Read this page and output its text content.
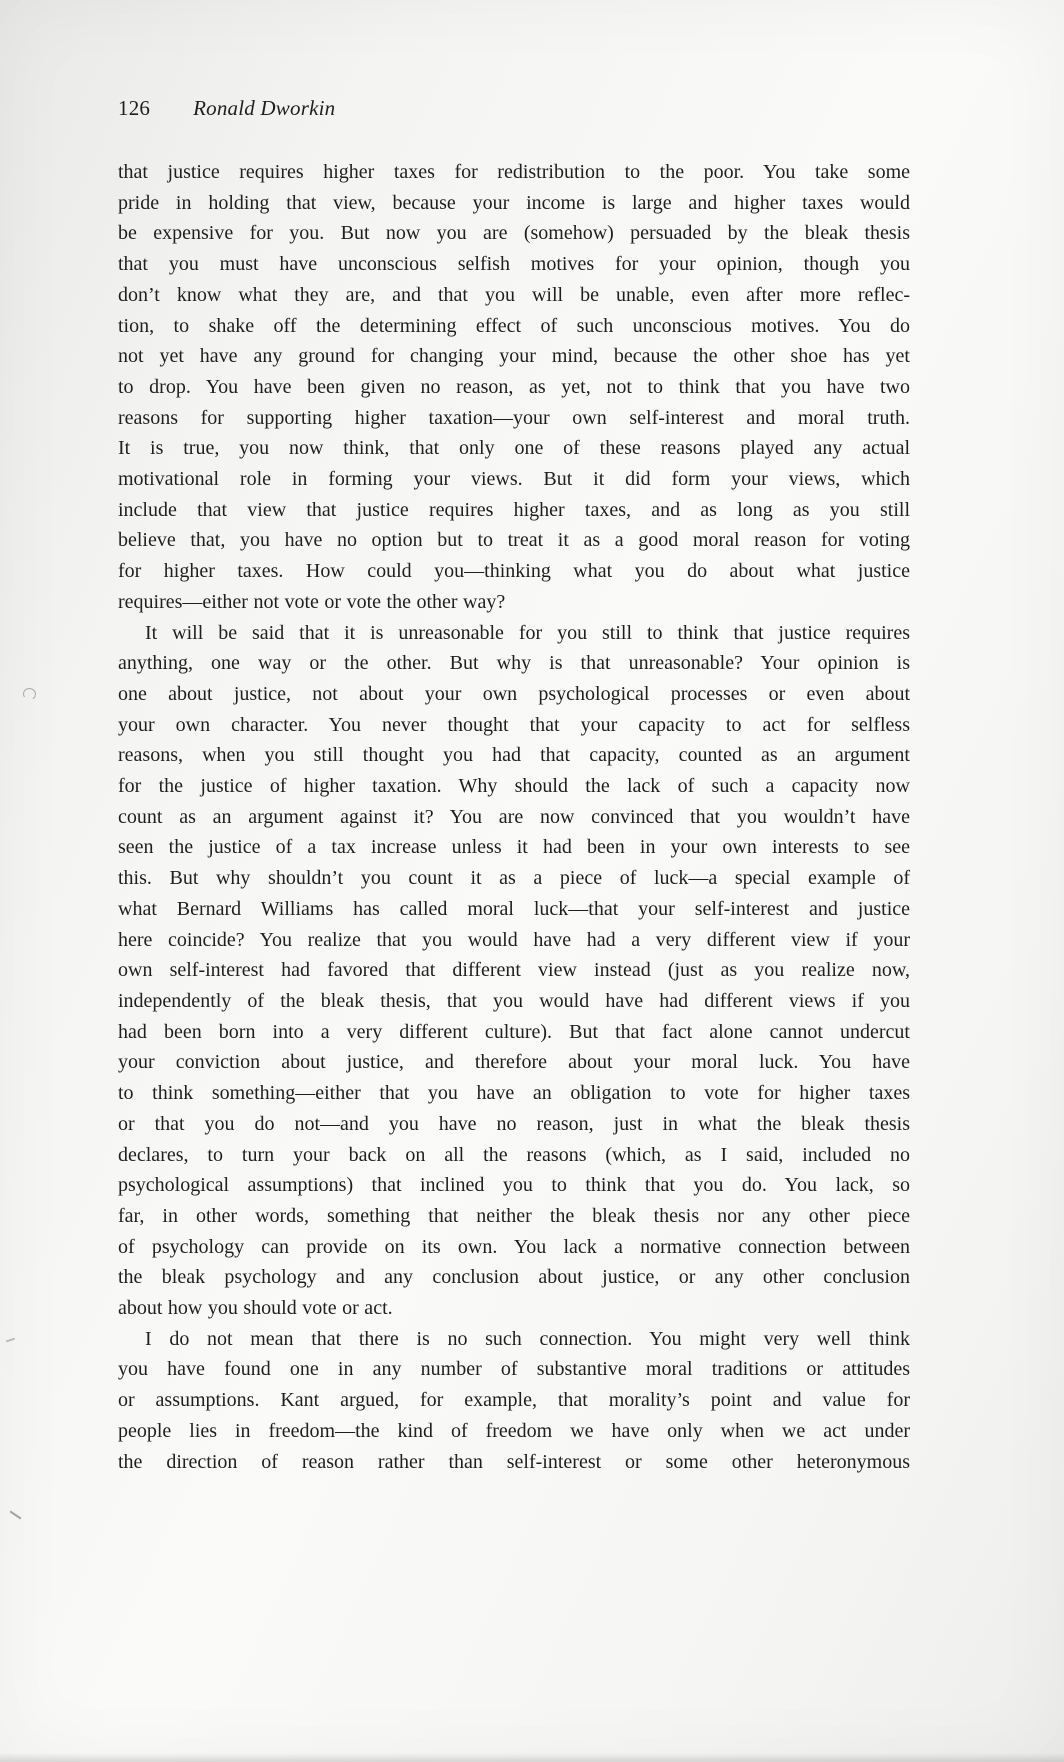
126 Ronald Dworkin
that justice requires higher taxes for redistribution to the poor. You take some
pride in holding that view, because your income is large and higher taxes would
be expensive for you. But now you are (somehow) persuaded by the bleak thesis
that you must have unconscious selfish motives for your opinion, though you
don’t know what they are, and that you will be unable, even after more reflec-
tion, to shake off the determining effect of such unconscious motives. You do
not yet have any ground for changing your mind, because the other shoe has yet
to drop. You have been given no reason, as yet, not to think that you have two
reasons for supporting higher taxation—your own self-interest and moral truth.
It is true, you now think, that only one of these reasons played any actual
motivational role in forming your views. But it did form your views, which
include that view that justice requires higher taxes, and as long as you still
believe that, you have no option but to treat it as a good moral reason for voting
for higher taxes. How could you—thinking what you do about what justice
requires—either not vote or vote the other way?
It will be said that it is unreasonable for you still to think that justice requires
anything, one way or the other. But why is that unreasonable? Your opinion is
one about justice, not about your own psychological processes or even about
your own character. You never thought that your capacity to act for selfless
reasons, when you still thought you had that capacity, counted as an argument
for the justice of higher taxation. Why should the lack of such a capacity now
count as an argument against it? You are now convinced that you wouldn’t have
seen the justice of a tax increase unless it had been in your own interests to see
this. But why shouldn’t you count it as a piece of luck—a special example of
what Bernard Williams has called moral luck—that your self-interest and justice
here coincide? You realize that you would have had a very different view if your
own self-interest had favored that different view instead (just as you realize now,
independently of the bleak thesis, that you would have had different views if you
had been born into a very different culture). But that fact alone cannot undercut
your conviction about justice, and therefore about your moral luck. You have
to think something—either that you have an obligation to vote for higher taxes
or that you do not—and you have no reason, just in what the bleak thesis
declares, to turn your back on all the reasons (which, as I said, included no
psychological assumptions) that inclined you to think that you do. You lack, so
far, in other words, something that neither the bleak thesis nor any other piece
of psychology can provide on its own. You lack a normative connection between
the bleak psychology and any conclusion about justice, or any other conclusion
about how you should vote or act.
I do not mean that there is no such connection. You might very well think
you have found one in any number of substantive moral traditions or attitudes
or assumptions. Kant argued, for example, that morality’s point and value for
people lies in freedom—the kind of freedom we have only when we act under
the direction of reason rather than self-interest or some other heteronymous
